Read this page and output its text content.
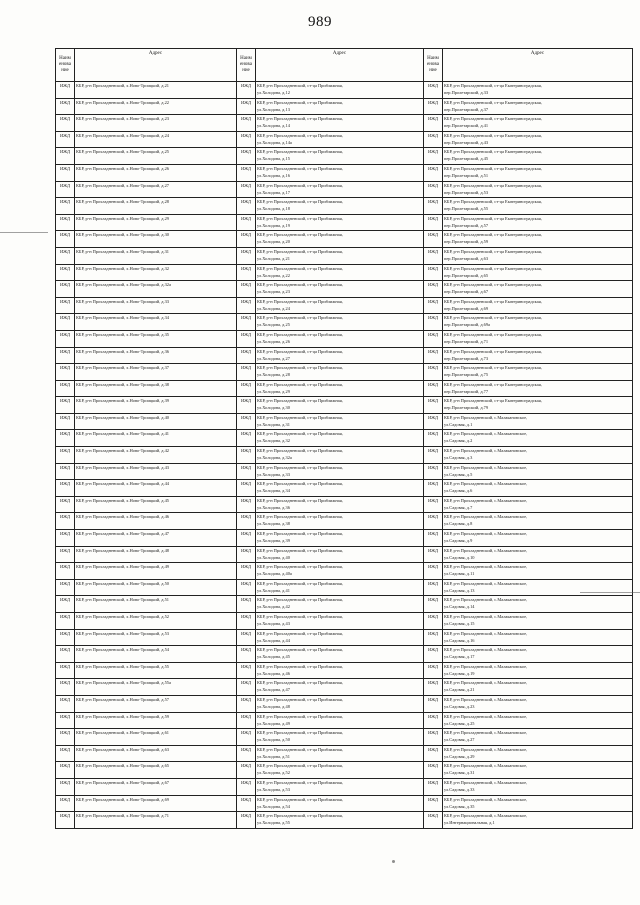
989
Наим енова ние	Адрес	Наим енова ние	Адрес	Наим енова ние	Адрес
ИЖД	КБР, р-н Прохладненский, х.Ново-Троицкий, д.21	ИЖД	КБР, р-н Прохладненский, ст-ца Приближная,
ул.Холодова, д.12	ИЖД	КБР, р-н Прохладненский, ст-ца Екатериноградская,
пер.Пролетарский, д.33

ИЖД	КБР, р-н Прохладненский, х.Ново-Троицкий, д.22	ИЖД	КБР, р-н Прохладненский, ст-ца Приближная,
ул.Холодова, д.13	ИЖД	КБР, р-н Прохладненский, ст-ца Екатериноградская,
пер.Пролетарский, д.37

ИЖД	КБР, р-н Прохладненский, х.Ново-Троицкий, д.23	ИЖД	КБР, р-н Прохладненский, ст-ца Приближная,
ул.Холодова, д.14	ИЖД	КБР, р-н Прохладненский, ст-ца Екатериноградская,
пер.Пролетарский, д.41

ИЖД	КБР, р-н Прохладненский, х.Ново-Троицкий, д.24	ИЖД	КБР, р-н Прохладненский, ст-ца Приближная,
ул.Холодова, д.14а	ИЖД	КБР, р-н Прохладненский, ст-ца Екатериноградская,
пер.Пролетарский, д.43

ИЖД	КБР, р-н Прохладненский, х.Ново-Троицкий, д.25	ИЖД	КБР, р-н Прохладненский, ст-ца Приближная,
ул.Холодова, д.15	ИЖД	КБР, р-н Прохладненский, ст-ца Екатериноградская,
пер.Пролетарский, д.45

ИЖД	КБР, р-н Прохладненский, х.Ново-Троицкий, д.26	ИЖД	КБР, р-н Прохладненский, ст-ца Приближная,
ул.Холодова, д.16	ИЖД	КБР, р-н Прохладненский, ст-ца Екатериноградская,
пер.Пролетарский, д.51

ИЖД	КБР, р-н Прохладненский, х.Ново-Троицкий, д.27	ИЖД	КБР, р-н Прохладненский, ст-ца Приближная,
ул.Холодова, д.17	ИЖД	КБР, р-н Прохладненский, ст-ца Екатериноградская,
пер.Пролетарский, д.53

ИЖД	КБР, р-н Прохладненский, х.Ново-Троицкий, д.28	ИЖД	КБР, р-н Прохладненский, ст-ца Приближная,
ул.Холодова, д.18	ИЖД	КБР, р-н Прохладненский, ст-ца Екатериноградская,
пер.Пролетарский, д.55

ИЖД	КБР, р-н Прохладненский, х.Ново-Троицкий, д.29	ИЖД	КБР, р-н Прохладненский, ст-ца Приближная,
ул.Холодова, д.19	ИЖД	КБР, р-н Прохладненский, ст-ца Екатериноградская,
пер.Пролетарский, д.57

ИЖД	КБР, р-н Прохладненский, х.Ново-Троицкий, д.30	ИЖД	КБР, р-н Прохладненский, ст-ца Приближная,
ул.Холодова, д.20	ИЖД	КБР, р-н Прохладненский, ст-ца Екатериноградская,
пер.Пролетарский, д.59

ИЖД	КБР, р-н Прохладненский, х.Ново-Троицкий, д.31	ИЖД	КБР, р-н Прохладненский, ст-ца Приближная,
ул.Холодова, д.21	ИЖД	КБР, р-н Прохладненский, ст-ца Екатериноградская,
пер.Пролетарский, д.63

ИЖД	КБР, р-н Прохладненский, х.Ново-Троицкий, д.32	ИЖД	КБР, р-н Прохладненский, ст-ца Приближная,
ул.Холодова, д.22	ИЖД	КБР, р-н Прохладненский, ст-ца Екатериноградская,
пер.Пролетарский, д.65

ИЖД	КБР, р-н Прохладненский, х.Ново-Троицкий, д.32а	ИЖД	КБР, р-н Прохладненский, ст-ца Приближная,
ул.Холодова, д.23	ИЖД	КБР, р-н Прохладненский, ст-ца Екатериноградская,
пер.Пролетарский, д.67

ИЖД	КБР, р-н Прохладненский, х.Ново-Троицкий, д.33	ИЖД	КБР, р-н Прохладненский, ст-ца Приближная,
ул.Холодова, д.24	ИЖД	КБР, р-н Прохладненский, ст-ца Екатериноградская,
пер.Пролетарский, д.69

ИЖД	КБР, р-н Прохладненский, х.Ново-Троицкий, д.34	ИЖД	КБР, р-н Прохладненский, ст-ца Приближная,
ул.Холодова, д.25	ИЖД	КБР, р-н Прохладненский, ст-ца Екатериноградская,
пер.Пролетарский, д.69а

ИЖД	КБР, р-н Прохладненский, х.Ново-Троицкий, д.35	ИЖД	КБР, р-н Прохладненский, ст-ца Приближная,
ул.Холодова, д.26	ИЖД	КБР, р-н Прохладненский, ст-ца Екатериноградская,
пер.Пролетарский, д.71

ИЖД	КБР, р-н Прохладненский, х.Ново-Троицкий, д.36	ИЖД	КБР, р-н Прохладненский, ст-ца Приближная,
ул.Холодова, д.27	ИЖД	КБР, р-н Прохладненский, ст-ца Екатериноградская,
пер.Пролетарский, д.73

ИЖД	КБР, р-н Прохладненский, х.Ново-Троицкий, д.37	ИЖД	КБР, р-н Прохладненский, ст-ца Приближная,
ул.Холодова, д.28	ИЖД	КБР, р-н Прохладненский, ст-ца Екатериноградская,
пер.Пролетарский, д.75

ИЖД	КБР, р-н Прохладненский, х.Ново-Троицкий, д.38	ИЖД	КБР, р-н Прохладненский, ст-ца Приближная,
ул.Холодова, д.29	ИЖД	КБР, р-н Прохладненский, ст-ца Екатериноградская,
пер.Пролетарский, д.77

ИЖД	КБР, р-н Прохладненский, х.Ново-Троицкий, д.39	ИЖД	КБР, р-н Прохладненский, ст-ца Приближная,
ул.Холодова, д.30	ИЖД	КБР, р-н Прохладненский, ст-ца Екатериноградская,
пер.Пролетарский, д.79

ИЖД	КБР, р-н Прохладненский, х.Ново-Троицкий, д.40	ИЖД	КБР, р-н Прохладненский, ст-ца Приближная,
ул.Холодова, д.31	ИЖД	КБР, р-н Прохладненский, с.Малакановское,
ул.Садовая, д.1

ИЖД	КБР, р-н Прохладненский, х.Ново-Троицкий, д.41	ИЖД	КБР, р-н Прохладненский, ст-ца Приближная,
ул.Холодова, д.32	ИЖД	КБР, р-н Прохладненский, с.Малакановское,
ул.Садовая, д.2

ИЖД	КБР, р-н Прохладненский, х.Ново-Троицкий, д.42	ИЖД	КБР, р-н Прохладненский, ст-ца Приближная,
ул.Холодова, д.32а	ИЖД	КБР, р-н Прохладненский, с.Малакановское,
ул.Садовая, д.3

ИЖД	КБР, р-н Прохладненский, х.Ново-Троицкий, д.43	ИЖД	КБР, р-н Прохладненский, ст-ца Приближная,
ул.Холодова, д.33	ИЖД	КБР, р-н Прохладненский, с.Малакановское,
ул.Садовая, д.5

ИЖД	КБР, р-н Прохладненский, х.Ново-Троицкий, д.44	ИЖД	КБР, р-н Прохладненский, ст-ца Приближная,
ул.Холодова, д.34	ИЖД	КБР, р-н Прохладненский, с.Малакановское,
ул.Садовая, д.6

ИЖД	КБР, р-н Прохладненский, х.Ново-Троицкий, д.45	ИЖД	КБР, р-н Прохладненский, ст-ца Приближная,
ул.Холодова, д.36	ИЖД	КБР, р-н Прохладненский, с.Малакановское,
ул.Садовая, д.7

ИЖД	КБР, р-н Прохладненский, х.Ново-Троицкий, д.46	ИЖД	КБР, р-н Прохладненский, ст-ца Приближная,
ул.Холодова, д.38	ИЖД	КБР, р-н Прохладненский, с.Малакановское,
ул.Садовая, д.8

ИЖД	КБР, р-н Прохладненский, х.Ново-Троицкий, д.47	ИЖД	КБР, р-н Прохладненский, ст-ца Приближная,
ул.Холодова, д.39	ИЖД	КБР, р-н Прохладненский, с.Малакановское,
ул.Садовая, д.9

ИЖД	КБР, р-н Прохладненский, х.Ново-Троицкий, д.48	ИЖД	КБР, р-н Прохладненский, ст-ца Приближная,
ул.Холодова, д.40	ИЖД	КБР, р-н Прохладненский, с.Малакановское,
ул.Садовая, д.10

ИЖД	КБР, р-н Прохладненский, х.Ново-Троицкий, д.49	ИЖД	КБР, р-н Прохладненский, ст-ца Приближная,
ул.Холодова, д.40а	ИЖД	КБР, р-н Прохладненский, с.Малакановское,
ул.Садовая, д.11

ИЖД	КБР, р-н Прохладненский, х.Ново-Троицкий, д.50	ИЖД	КБР, р-н Прохладненский, ст-ца Приближная,
ул.Холодова, д.41	ИЖД	КБР, р-н Прохладненский, с.Малакановское,
ул.Садовая, д.13

ИЖД	КБР, р-н Прохладненский, х.Ново-Троицкий, д.51	ИЖД	КБР, р-н Прохладненский, ст-ца Приближная,
ул.Холодова, д.42	ИЖД	КБР, р-н Прохладненский, с.Малакановское,
ул.Садовая, д.14

ИЖД	КБР, р-н Прохладненский, х.Ново-Троицкий, д.52	ИЖД	КБР, р-н Прохладненский, ст-ца Приближная,
ул.Холодова, д.43	ИЖД	КБР, р-н Прохладненский, с.Малакановское,
ул.Садовая, д.15

ИЖД	КБР, р-н Прохладненский, х.Ново-Троицкий, д.53	ИЖД	КБР, р-н Прохладненский, ст-ца Приближная,
ул.Холодова, д.44	ИЖД	КБР, р-н Прохладненский, с.Малакановское,
ул.Садовая, д.16

ИЖД	КБР, р-н Прохладненский, х.Ново-Троицкий, д.54	ИЖД	КБР, р-н Прохладненский, ст-ца Приближная,
ул.Холодова, д.45	ИЖД	КБР, р-н Прохладненский, с.Малакановское,
ул.Садовая, д.17

ИЖД	КБР, р-н Прохладненский, х.Ново-Троицкий, д.55	ИЖД	КБР, р-н Прохладненский, ст-ца Приближная,
ул.Холодова, д.46	ИЖД	КБР, р-н Прохладненский, с.Малакановское,
ул.Садовая, д.19

ИЖД	КБР, р-н Прохладненский, х.Ново-Троицкий, д.55а	ИЖД	КБР, р-н Прохладненский, ст-ца Приближная,
ул.Холодова, д.47	ИЖД	КБР, р-н Прохладненский, с.Малакановское,
ул.Садовая, д.21

ИЖД	КБР, р-н Прохладненский, х.Ново-Троицкий, д.57	ИЖД	КБР, р-н Прохладненский, ст-ца Приближная,
ул.Холодова, д.48	ИЖД	КБР, р-н Прохладненский, с.Малакановское,
ул.Садовая, д.23

ИЖД	КБР, р-н Прохладненский, х.Ново-Троицкий, д.59	ИЖД	КБР, р-н Прохладненский, ст-ца Приближная,
ул.Холодова, д.49	ИЖД	КБР, р-н Прохладненский, с.Малакановское,
ул.Садовая, д.25

ИЖД	КБР, р-н Прохладненский, х.Ново-Троицкий, д.61	ИЖД	КБР, р-н Прохладненский, ст-ца Приближная,
ул.Холодова, д.50	ИЖД	КБР, р-н Прохладненский, с.Малакановское,
ул.Садовая, д.27

ИЖД	КБР, р-н Прохладненский, х.Ново-Троицкий, д.63	ИЖД	КБР, р-н Прохладненский, ст-ца Приближная,
ул.Холодова, д.51	ИЖД	КБР, р-н Прохладненский, с.Малакановское,
ул.Садовая, д.29

ИЖД	КБР, р-н Прохладненский, х.Ново-Троицкий, д.65	ИЖД	КБР, р-н Прохладненский, ст-ца Приближная,
ул.Холодова, д.52	ИЖД	КБР, р-н Прохладненский, с.Малакановское,
ул.Садовая, д.31

ИЖД	КБР, р-н Прохладненский, х.Ново-Троицкий, д.67	ИЖД	КБР, р-н Прохладненский, ст-ца Приближная,
ул.Холодова, д.53	ИЖД	КБР, р-н Прохладненский, с.Малакановское,
ул.Садовая, д.33

ИЖД	КБР, р-н Прохладненский, х.Ново-Троицкий, д.69	ИЖД	КБР, р-н Прохладненский, ст-ца Приближная,
ул.Холодова, д.54	ИЖД	КБР, р-н Прохладненский, с.Малакановское,
ул.Садовая, д.35

ИЖД	КБР, р-н Прохладненский, х.Ново-Троицкий, д.71	ИЖД	КБР, р-н Прохладненский, ст-ца Приближная,
ул.Холодова, д.55	ИЖД	КБР, р-н Прохладненский, с.Малакановское,
ул.Интернациональная, д.1
